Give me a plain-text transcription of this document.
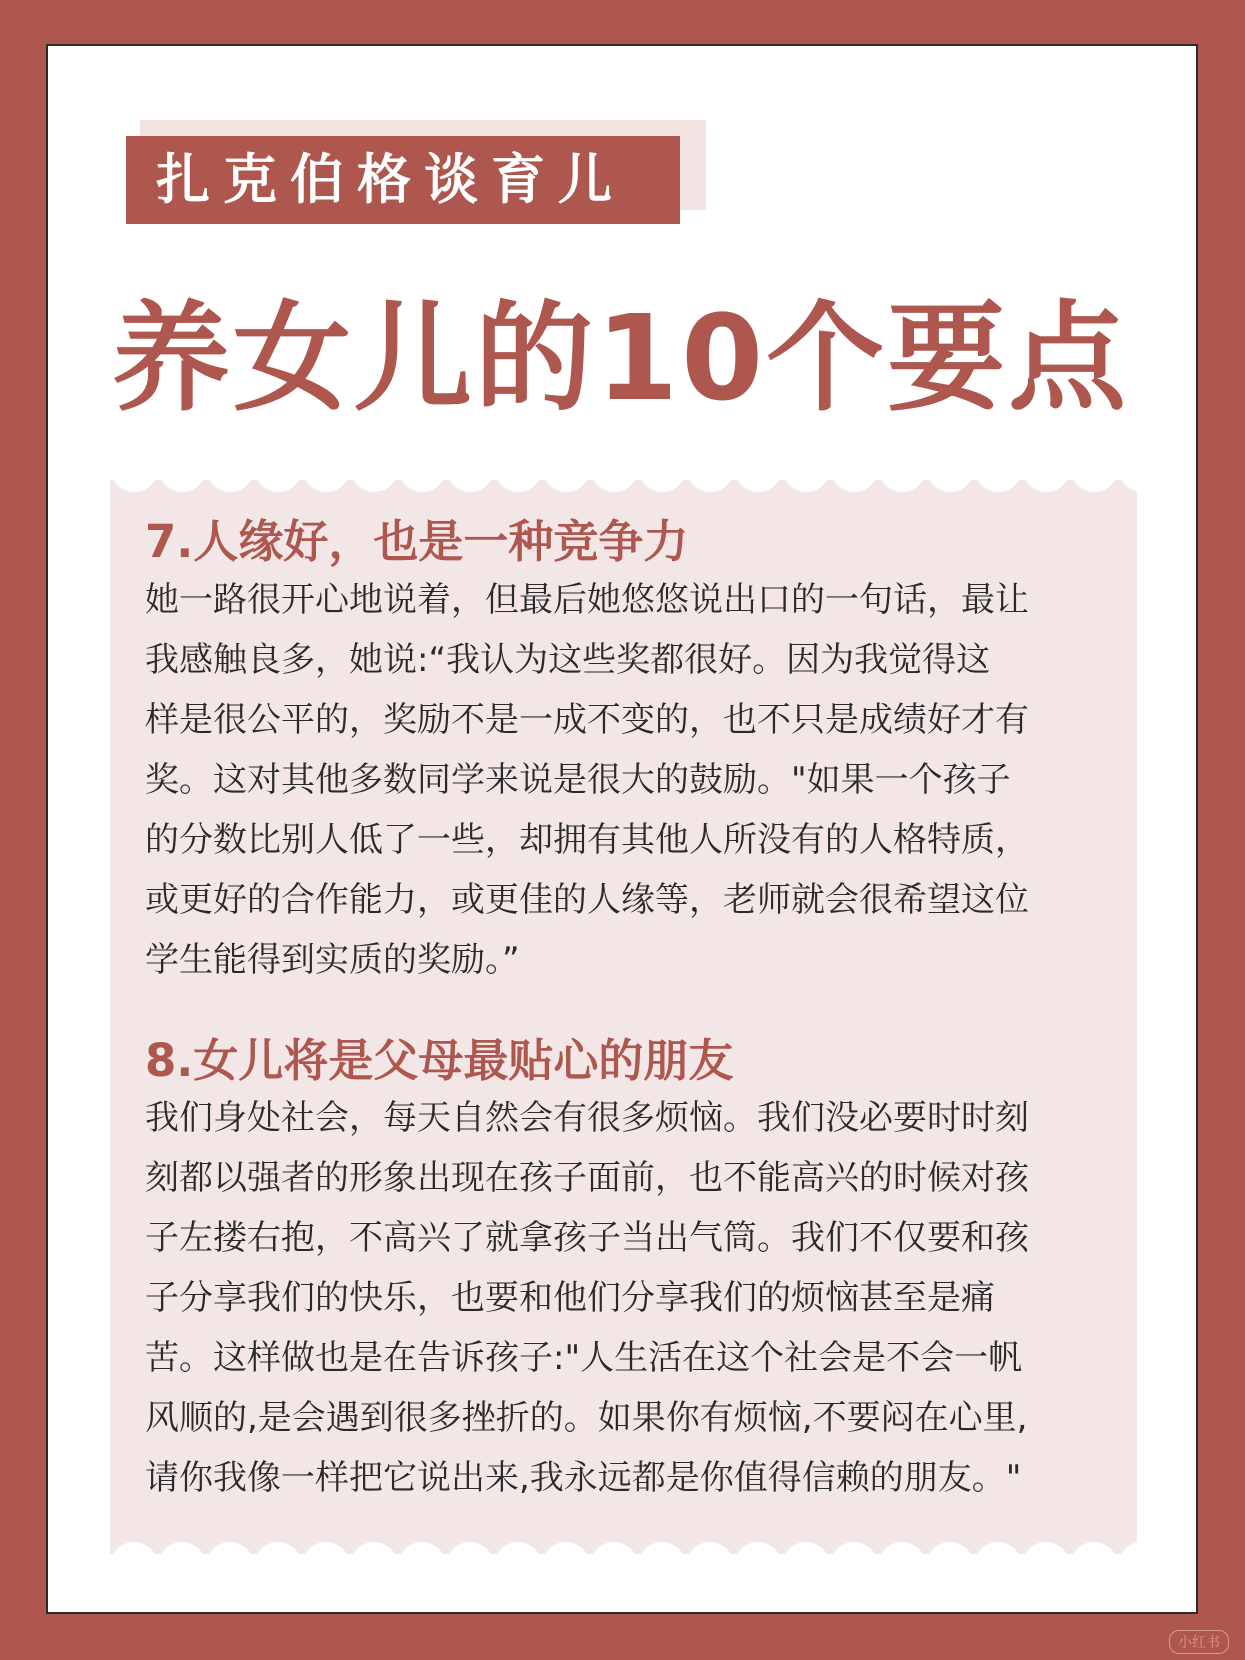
扎克伯格谈育儿
养女儿的10个要点
7.人缘好，也是一种竞争力
她一路很开心地说着，但最后她悠悠说出口的一句话，最让
我感触良多，她说:“我认为这些奖都很好。因为我觉得这
样是很公平的，奖励不是一成不变的，也不只是成绩好才有
奖。这对其他多数同学来说是很大的鼓励。"如果一个孩子
的分数比别人低了一些，却拥有其他人所没有的人格特质，
或更好的合作能力，或更佳的人缘等，老师就会很希望这位
学生能得到实质的奖励。”
8.女儿将是父母最贴心的朋友
我们身处社会，每天自然会有很多烦恼。我们没必要时时刻
刻都以强者的形象出现在孩子面前，也不能高兴的时候对孩
子左搂右抱，不高兴了就拿孩子当出气筒。我们不仅要和孩
子分享我们的快乐，也要和他们分享我们的烦恼甚至是痛
苦。这样做也是在告诉孩子:"人生活在这个社会是不会一帆
风顺的,是会遇到很多挫折的。如果你有烦恼,不要闷在心里,
请你我像一样把它说出来,我永远都是你值得信赖的朋友。"
小红书
